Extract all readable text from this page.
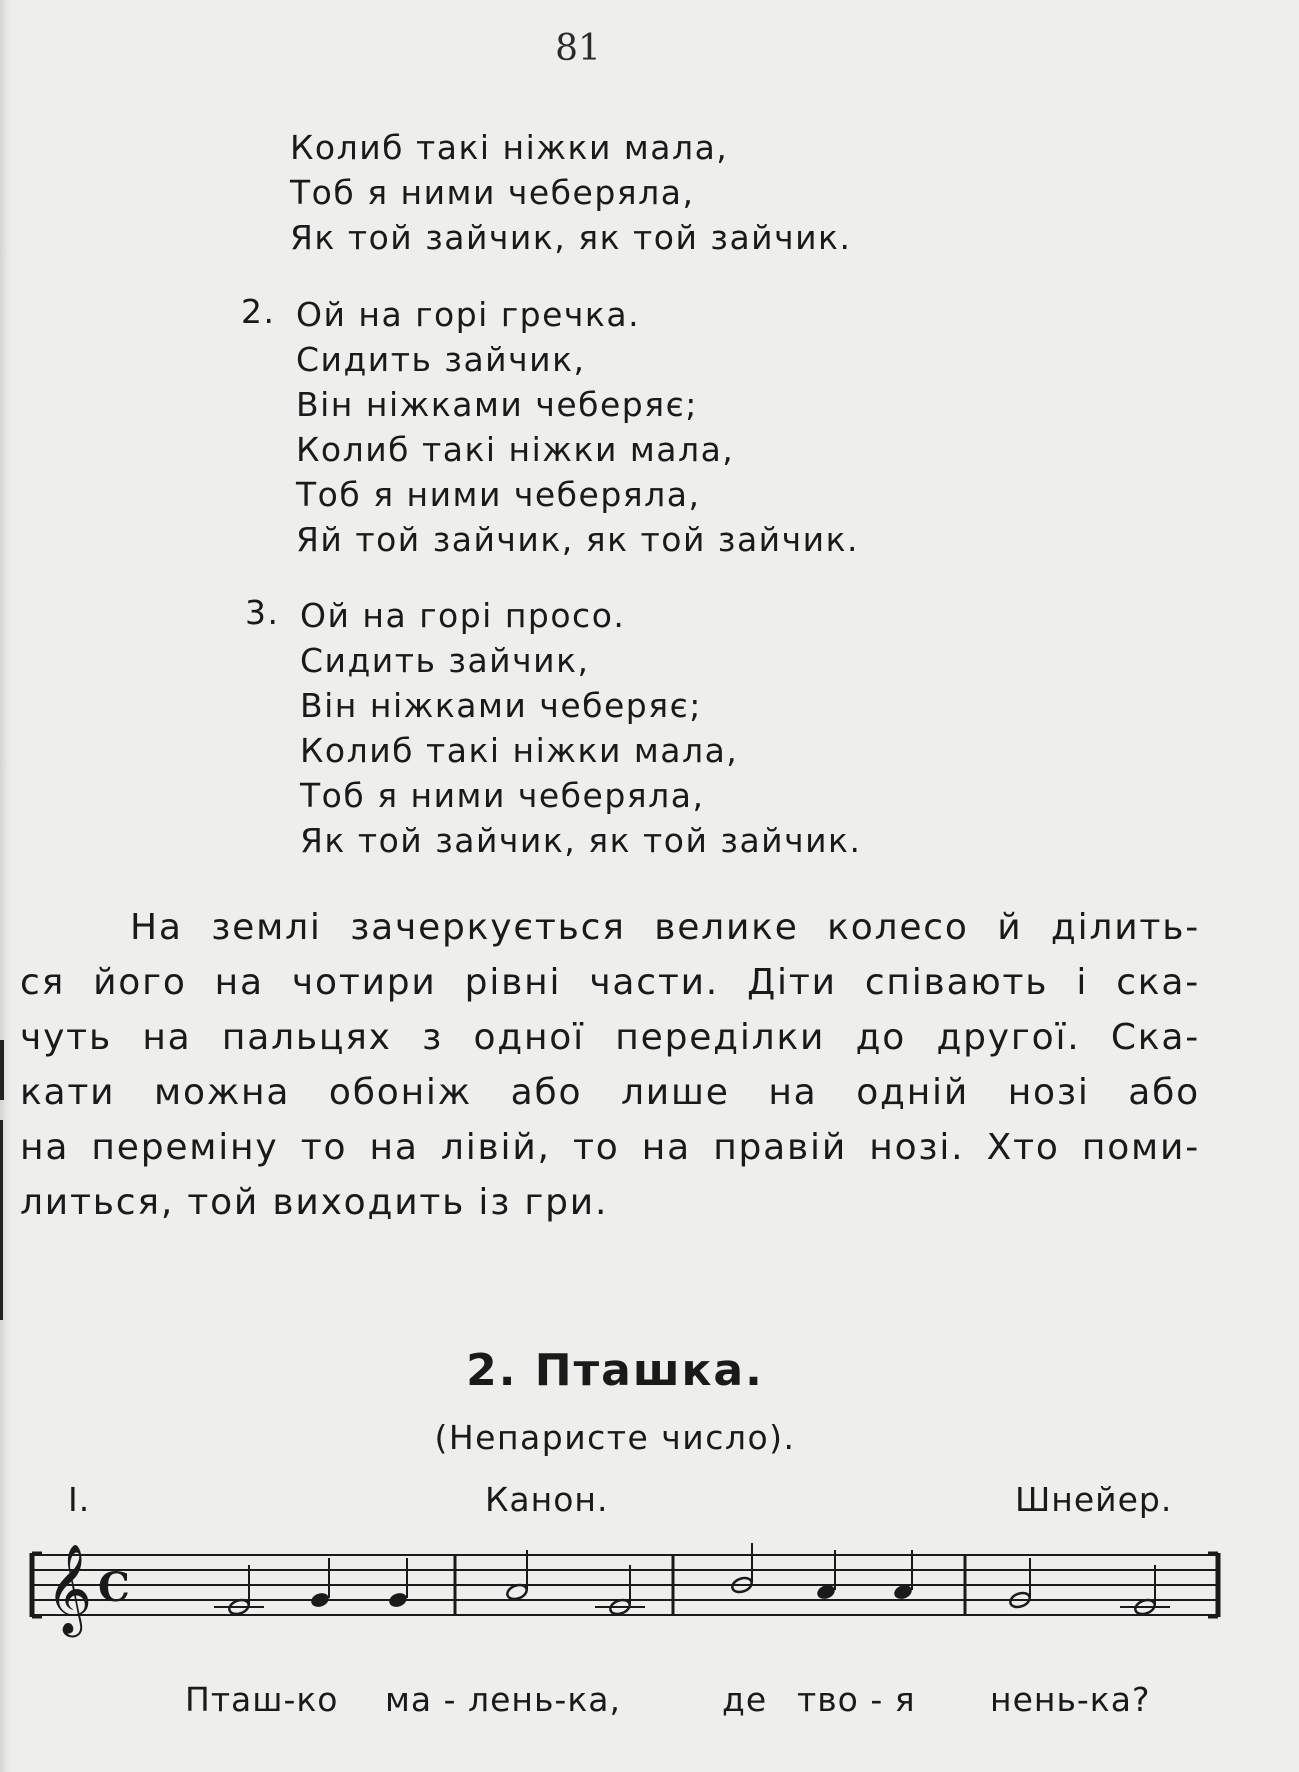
81
Колиб такі ніжки мала,
Тоб я ними чеберяла,
Як той зайчик, як той зайчик.
2. Ой на горі гречка.
Сидить зайчик,
Він ніжками чеберяє;
Колиб такі ніжки мала,
Тоб я ними чеберяла,
Яй той зайчик, як той зайчик.
3. Ой на горі просо.
Сидить зайчик,
Він ніжками чеберяє;
Колиб такі ніжки мала,
Тоб я ними чеберяла,
Як той зайчик, як той зайчик.
На землі зачеркується велике колесо й ділить-
ся його на чотири рівні части. Діти співають і ска-
чуть на пальцях з одної переділки до другої. Ска-
кати можна обоніж або лише на одній нозі або
на переміну то на лівій, то на правій нозі. Хто поми-
литься, той виходить із гри.
2. Пташка.
(Непаристе число).
I.	Канон.	Шнейер.
𝄞 C
Пташ-ко ма - лень-ка,	де тво - я нень-ка?
